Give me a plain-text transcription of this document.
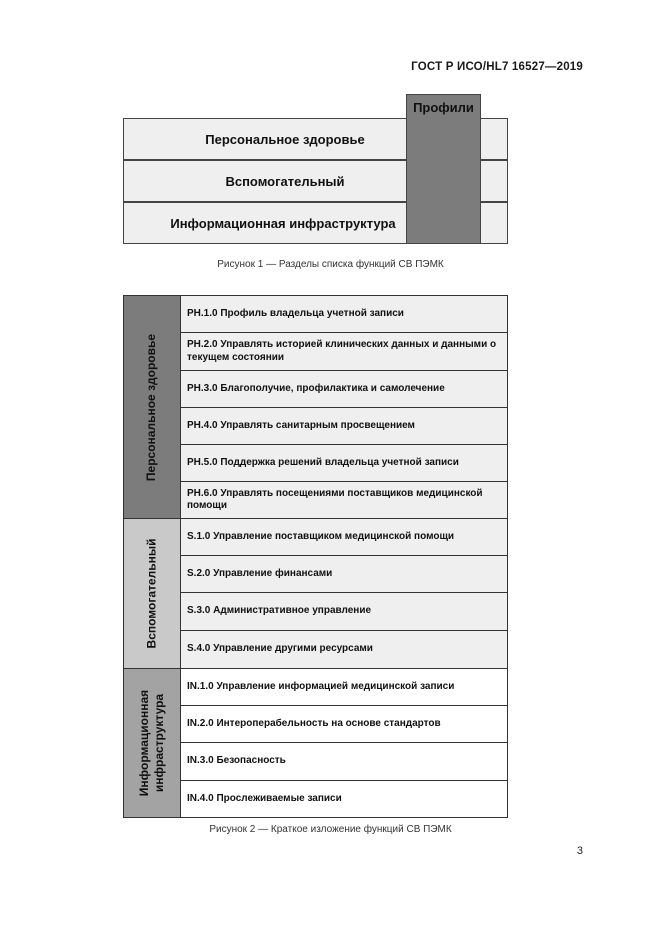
ГОСТ Р ИСО/HL7 16527—2019
Персональное здоровье
Вспомогательный
Информационная инфраструктура
Профили
Рисунок 1 — Разделы списка функций СВ ПЭМК
Персональное здоровье
PH.1.0 Профиль владельца учетной записи
PH.2.0 Управлять историей клинических данных и данными о текущем состоянии
PH.3.0 Благополучие, профилактика и самолечение
PH.4.0 Управлять санитарным просвещением
PH.5.0 Поддержка решений владельца учетной записи
PH.6.0 Управлять посещениями поставщиков медицинской помощи
Вспомогательный
S.1.0 Управление поставщиком медицинской помощи
S.2.0 Управление финансами
S.3.0 Административное управление
S.4.0 Управление другими ресурсами
Информационная инфраструктура
IN.1.0 Управление информацией медицинской записи
IN.2.0 Интероперабельность на основе стандартов
IN.3.0 Безопасность
IN.4.0 Прослеживаемые записи
Рисунок 2 — Краткое изложение функций СВ ПЭМК
3
